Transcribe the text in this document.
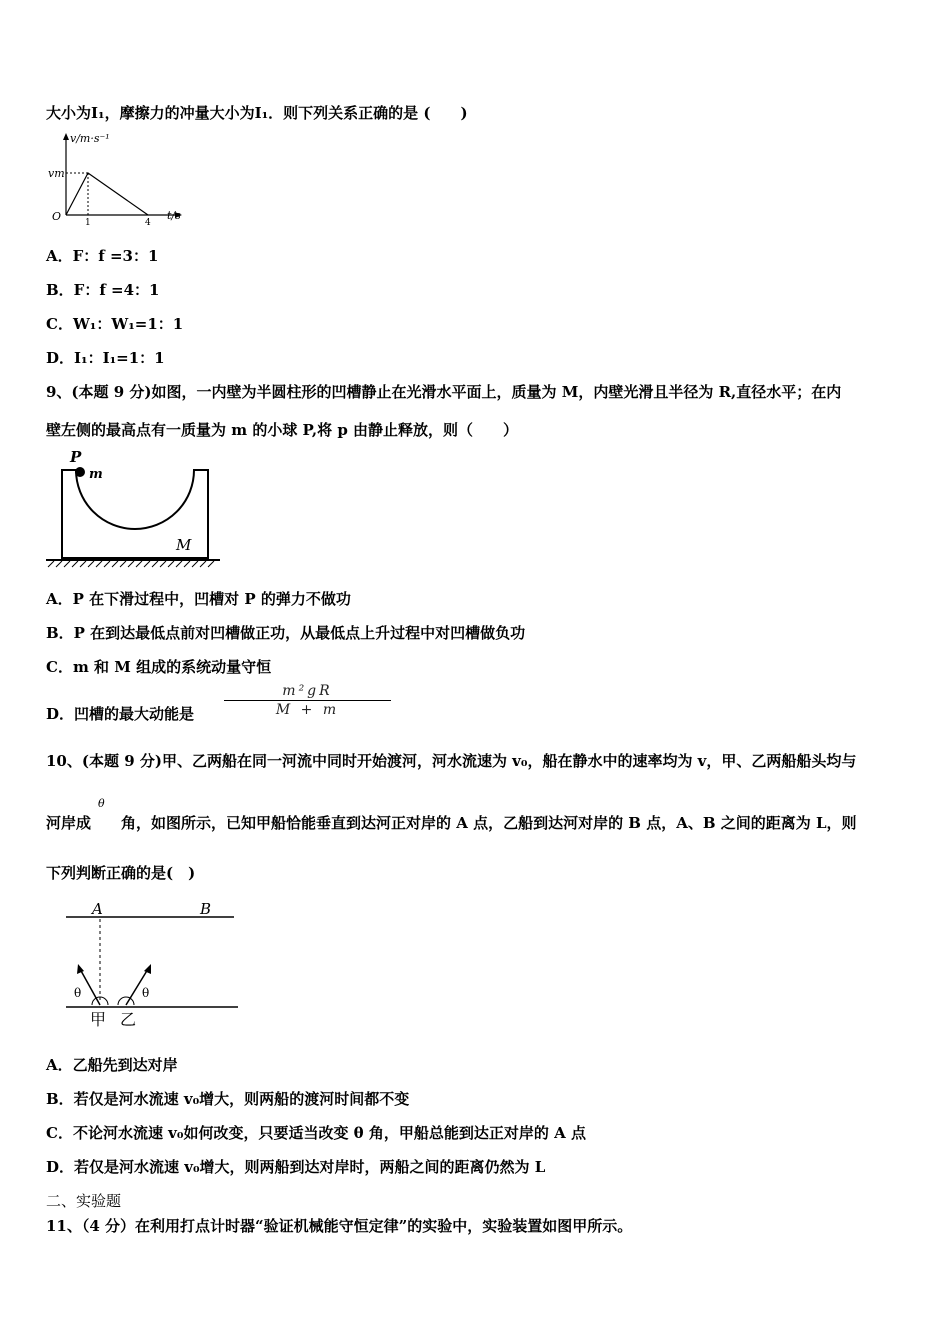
大小为I₁，摩擦力的冲量大小为I₁．则下列关系正确的是 (　　)
v/m·s⁻¹
vm
O	1	4
t/s
A．F：f =3：1
B．F：f =4：1
C．W₁：W₁=1：1
D．I₁：I₁=1：1
9、(本题 9 分)如图，一内壁为半圆柱形的凹槽静止在光滑水平面上，质量为 M，内壁光滑且半径为 R,直径水平；在内
壁左侧的最高点有一质量为 m 的小球 P,将 p 由静止释放，则（　　）
P
m
M
A．P 在下滑过程中，凹槽对 P 的弹力不做功
B．P 在到达最低点前对凹槽做正功，从最低点上升过程中对凹槽做负功
C．m 和 M 组成的系统动量守恒
D．凹槽的最大动能是
m²gR
M + m
10、(本题 9 分)甲、乙两船在同一河流中同时开始渡河，河水流速为 v₀，船在静水中的速率均为 v，甲、乙两船船头均与
θ
河岸成　　角，如图所示，已知甲船恰能垂直到达河正对岸的 A 点，乙船到达河对岸的 B 点，A、B 之间的距离为 L，则
下列判断正确的是(　)
A	B
θ	θ
甲 乙
A．乙船先到达对岸
B．若仅是河水流速 v₀增大，则两船的渡河时间都不变
C．不论河水流速 v₀如何改变，只要适当改变 θ 角，甲船总能到达正对岸的 A 点
D．若仅是河水流速 v₀增大，则两船到达对岸时，两船之间的距离仍然为 L
二、实验题
11、（4 分）在利用打点计时器“验证机械能守恒定律”的实验中，实验装置如图甲所示。
